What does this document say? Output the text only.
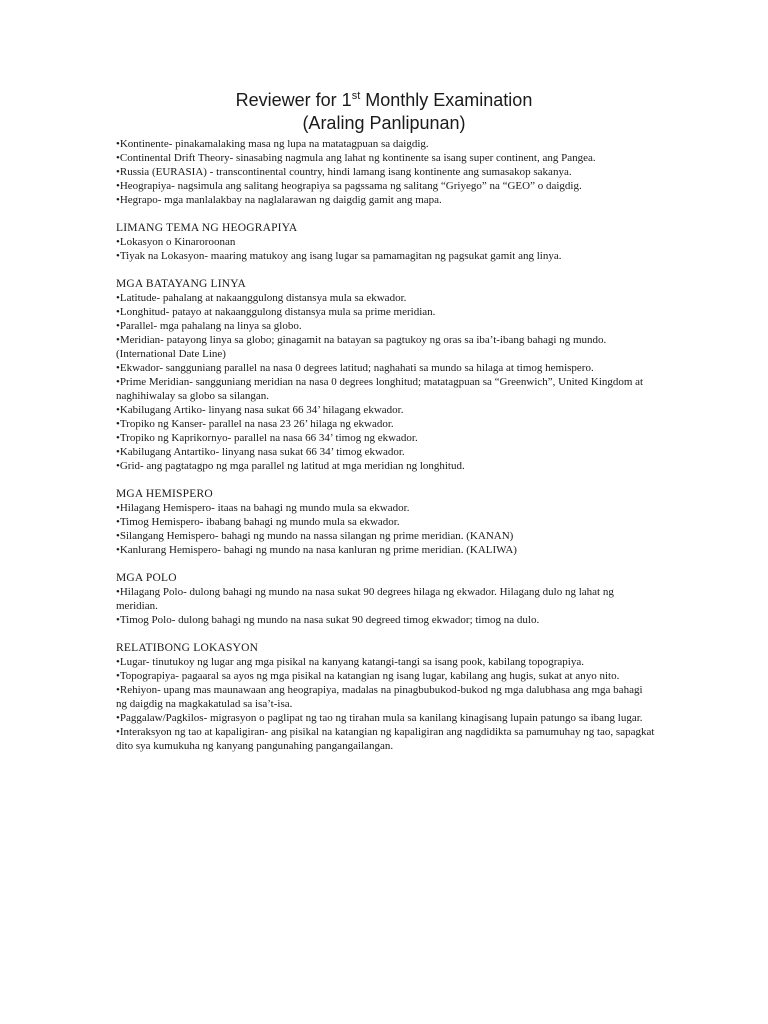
Reviewer for 1st Monthly Examination
(Araling Panlipunan)

•Kontinente- pinakamalaking masa ng lupa na matatagpuan sa daigdig.

•Continental Drift Theory- sinasabing nagmula ang lahat ng kontinente sa isang super continent, ang Pangea.

•Russia (EURASIA) - transcontinental country, hindi lamang isang kontinente ang sumasakop sakanya.

•Heograpiya- nagsimula ang salitang heograpiya sa pagssama ng salitang “Griyego” na “GEO” o daigdig.

•Hegrapo- mga manlalakbay na naglalarawan ng daigdig gamit ang mapa.

LIMANG TEMA NG HEOGRAPIYA

•Lokasyon o Kinaroroonan

•Tiyak na Lokasyon- maaring matukoy ang isang lugar sa pamamagitan ng pagsukat gamit ang linya.

MGA BATAYANG LINYA

•Latitude- pahalang at nakaanggulong distansya mula sa ekwador.

•Longhitud- patayo at nakaanggulong distansya mula sa prime meridian.

•Parallel- mga pahalang na linya sa globo.

•Meridian- patayong linya sa globo; ginagamit na batayan sa pagtukoy ng oras sa iba’t-ibang bahagi ng mundo. (International Date Line)

•Ekwador- sangguniang parallel na nasa 0 degrees latitud; naghahati sa mundo sa hilaga at timog hemispero.

•Prime Meridian- sangguniang meridian na nasa 0 degrees longhitud; matatagpuan sa “Greenwich”, United Kingdom at naghihiwalay sa globo sa silangan.

•Kabilugang Artiko- linyang nasa sukat 66 34’ hilagang ekwador.

•Tropiko ng Kanser- parallel na nasa 23 26’ hilaga ng ekwador.

•Tropiko ng Kaprikornyo- parallel na nasa 66 34’ timog ng ekwador.

•Kabilugang Antartiko- linyang nasa sukat 66 34’ timog ekwador.

•Grid- ang pagtatagpo ng mga parallel ng latitud at mga meridian ng longhitud.

MGA HEMISPERO

•Hilagang Hemispero- itaas na bahagi ng mundo mula sa ekwador.

•Timog Hemispero- ibabang bahagi ng mundo mula sa ekwador.

•Silangang Hemispero- bahagi ng mundo na nassa silangan ng prime meridian. (KANAN)

•Kanlurang Hemispero- bahagi ng mundo na nasa kanluran ng prime meridian. (KALIWA)

MGA POLO

•Hilagang Polo- dulong bahagi ng mundo na nasa sukat 90 degrees hilaga ng ekwador. Hilagang dulo ng lahat ng meridian.

•Timog Polo- dulong bahagi ng mundo na nasa sukat 90 degreed timog ekwador; timog na dulo.

RELATIBONG LOKASYON

•Lugar- tinutukoy ng lugar ang mga pisikal na kanyang katangi-tangi sa isang pook, kabilang topograpiya.

•Topograpiya- pagaaral sa ayos ng mga pisikal na katangian ng isang lugar, kabilang ang hugis, sukat at anyo nito.

•Rehiyon- upang mas maunawaan ang heograpiya, madalas na pinagbubukod-bukod ng mga dalubhasa ang mga bahagi ng daigdig na magkakatulad sa isa’t-isa.

•Paggalaw/Pagkilos- migrasyon o paglipat ng tao ng tirahan mula sa kanilang kinagisang lupain patungo sa ibang lugar.

•Interaksyon ng tao at kapaligiran- ang pisikal na katangian ng kapaligiran ang nagdidikta sa pamumuhay ng tao, sapagkat dito sya kumukuha ng kanyang pangunahing pangangailangan.
